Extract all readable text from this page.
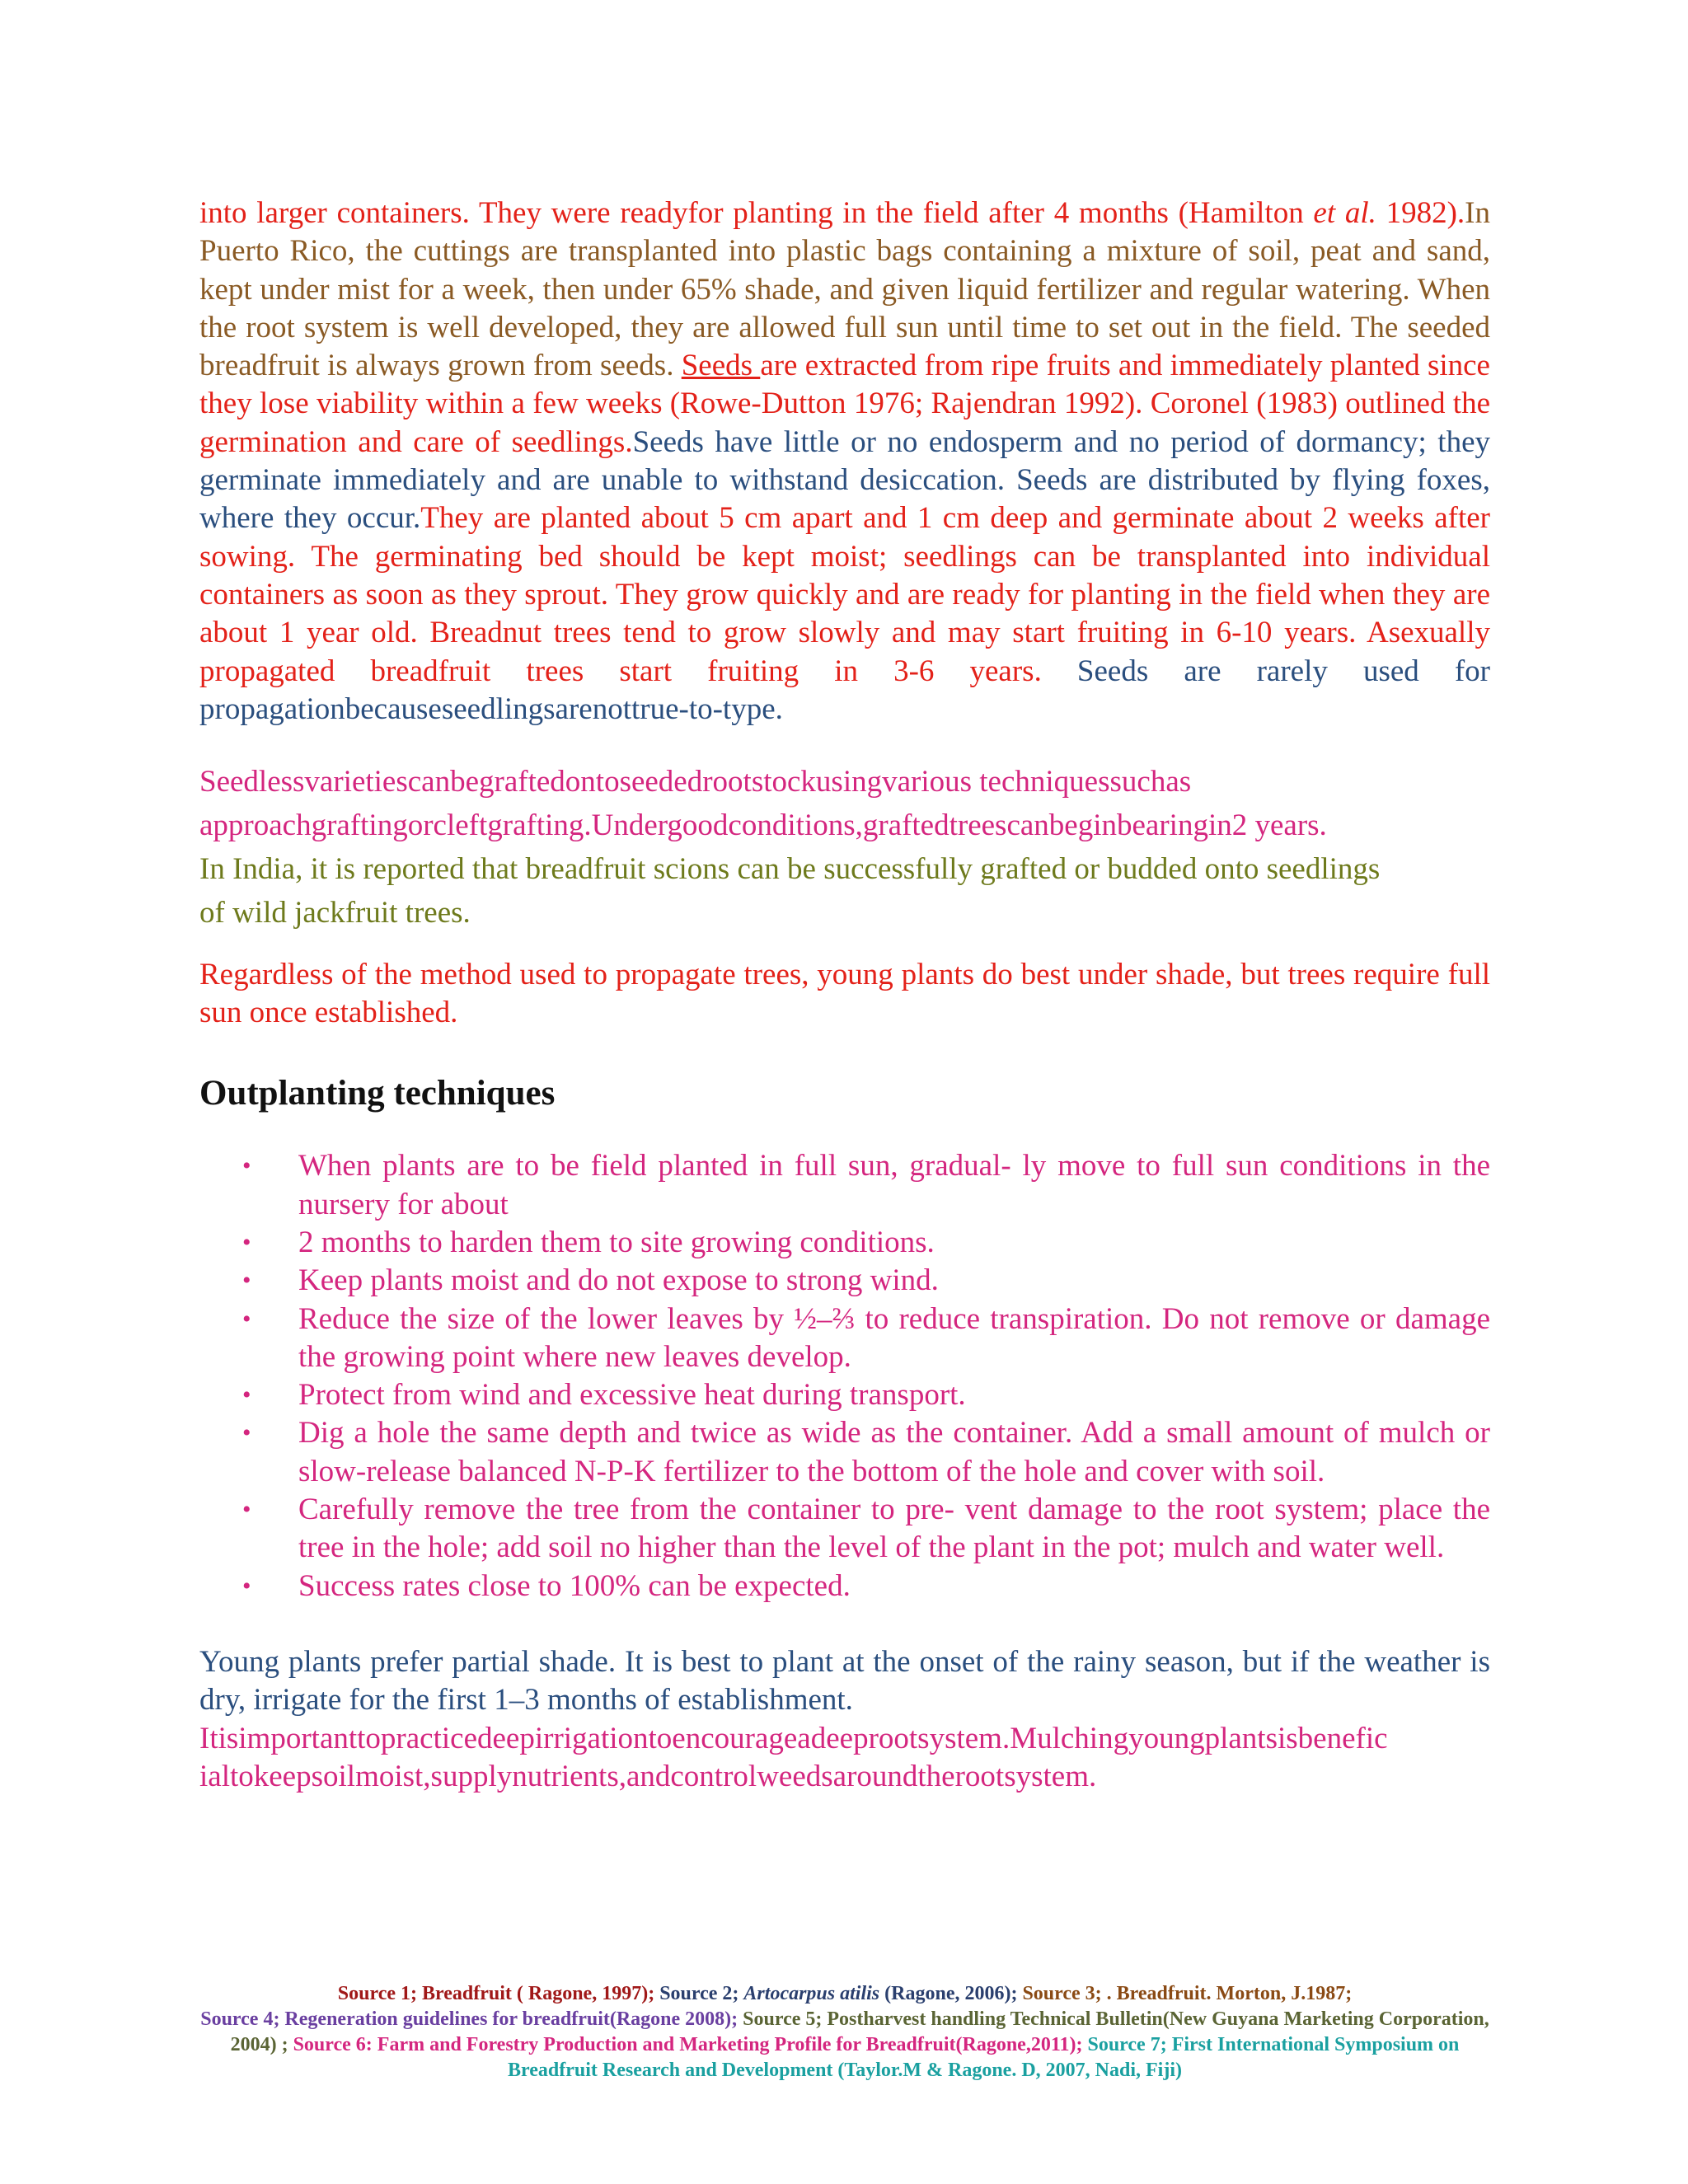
into larger containers. They were readyfor planting in the field after 4 months (Hamilton et al. 1982).In Puerto Rico, the cuttings are transplanted into plastic bags containing a mixture of soil, peat and sand, kept under mist for a week, then under 65% shade, and given liquid fertilizer and regular watering. When the root system is well developed, they are allowed full sun until time to set out in the field. The seeded breadfruit is always grown from seeds. Seeds are extracted from ripe fruits and immediately planted since they lose viability within a few weeks (Rowe-Dutton 1976; Rajendran 1992). Coronel (1983) outlined the germination and care of seedlings.Seeds have little or no endosperm and no period of dormancy; they germinate immediately and are unable to withstand desiccation. Seeds are distributed by flying foxes, where they occur.They are planted about 5 cm apart and 1 cm deep and germinate about 2 weeks after sowing. The germinating bed should be kept moist; seedlings can be transplanted into individual containers as soon as they sprout. They grow quickly and are ready for planting in the field when they are about 1 year old. Breadnut trees tend to grow slowly and may start fruiting in 6-10 years. Asexually propagated breadfruit trees start fruiting in 3-6 years. Seeds are rarely used for propagationbecauseseedlingsarenottrue-to-type.

Seedlessvarietiescanbegraftedontoseededrootstockusingvarious techniquessuchas

approachgraftingorcleftgrafting.Undergoodconditions,graftedtreescanbeginbearingin2 years.

In India, it is reported that breadfruit scions can be successfully grafted or budded onto seedlings

of wild jackfruit trees.

Regardless of the method used to propagate trees, young plants do best under shade, but trees require full sun once established.

Outplanting techniques
• When plants are to be field planted in full sun, gradual- ly move to full sun conditions in the nursery for about
• 2 months to harden them to site growing conditions.
• Keep plants moist and do not expose to strong wind.
• Reduce the size of the lower leaves by ½–⅔ to reduce transpiration. Do not remove or damage the growing point where new leaves develop.
• Protect from wind and excessive heat during transport.
• Dig a hole the same depth and twice as wide as the container. Add a small amount of mulch or slow-release balanced N-P-K fertilizer to the bottom of the hole and cover with soil.
• Carefully remove the tree from the container to pre- vent damage to the root system; place the tree in the hole; add soil no higher than the level of the plant in the pot; mulch and water well.
• Success rates close to 100% can be expected.

Young plants prefer partial shade. It is best to plant at the onset of the rainy season, but if the weather is dry, irrigate for the first 1–3 months of establishment.

Itisimportanttopracticedeepirrigationtoencourageadeeprootsystem.Mulchingyoungplantsisbenefic

ialtokeepsoilmoist,supplynutrients,andcontrolweedsaroundtherootsystem.

Source 1; Breadfruit ( Ragone, 1997); Source 2; Artocarpus atilis (Ragone, 2006); Source 3; . Breadfruit. Morton, J.1987;
Source 4; Regeneration guidelines for breadfruit(Ragone 2008); Source 5; Postharvest handling Technical Bulletin(New Guyana Marketing Corporation, 2004) ; Source 6: Farm and Forestry Production and Marketing Profile for Breadfruit(Ragone,2011); Source 7; First International Symposium on Breadfruit Research and Development (Taylor.M & Ragone. D, 2007, Nadi, Fiji)
